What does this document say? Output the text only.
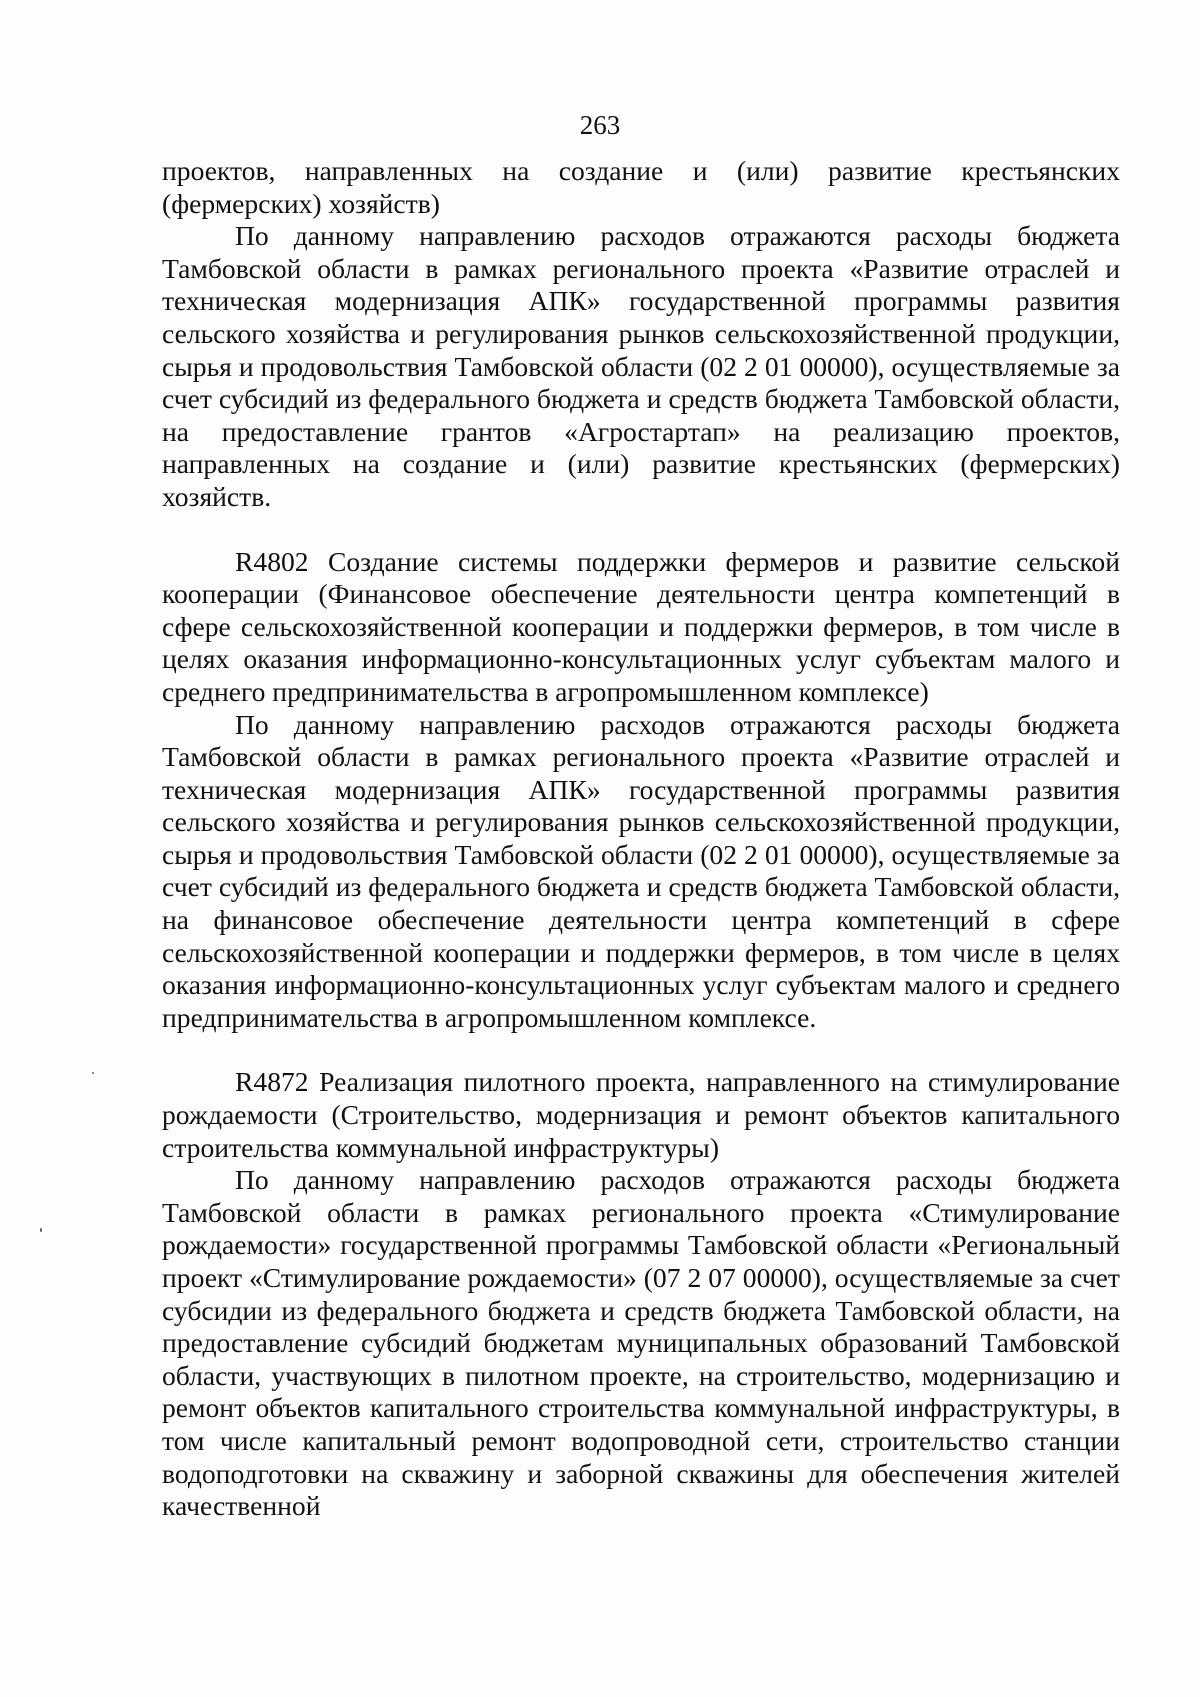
263

проектов, направленных на создание и (или) развитие крестьянских (фермерских) хозяйств)

По данному направлению расходов отражаются расходы бюджета Тамбовской области в рамках регионального проекта «Развитие отраслей и техническая модернизация АПК» государственной программы развития сельского хозяйства и регулирования рынков сельскохозяйственной продукции, сырья и продовольствия Тамбовской области (02 2 01 00000), осуществляемые за счет субсидий из федерального бюджета и средств бюджета Тамбовской области, на предоставление грантов «Агростартап» на реализацию проектов, направленных на создание и (или) развитие крестьянских (фермерских) хозяйств.

R4802 Создание системы поддержки фермеров и развитие сельской кооперации (Финансовое обеспечение деятельности центра компетенций в сфере сельскохозяйственной кооперации и поддержки фермеров, в том числе в целях оказания информационно-консультационных услуг субъектам малого и среднего предпринимательства в агропромышленном комплексе)

По данному направлению расходов отражаются расходы бюджета Тамбовской области в рамках регионального проекта «Развитие отраслей и техническая модернизация АПК» государственной программы развития сельского хозяйства и регулирования рынков сельскохозяйственной продукции, сырья и продовольствия Тамбовской области (02 2 01 00000), осуществляемые за счет субсидий из федерального бюджета и средств бюджета Тамбовской области, на финансовое обеспечение деятельности центра компетенций в сфере сельскохозяйственной кооперации и поддержки фермеров, в том числе в целях оказания информационно-консультационных услуг субъектам малого и среднего предпринимательства в агропромышленном комплексе.

R4872 Реализация пилотного проекта, направленного на стимулирование рождаемости (Строительство, модернизация и ремонт объектов капитального строительства коммунальной инфраструктуры)

По данному направлению расходов отражаются расходы бюджета Тамбовской области в рамках регионального проекта «Стимулирование рождаемости» государственной программы Тамбовской области «Региональный проект «Стимулирование рождаемости» (07 2 07 00000), осуществляемые за счет субсидии из федерального бюджета и средств бюджета Тамбовской области, на предоставление субсидий бюджетам муниципальных образований Тамбовской области, участвующих в пилотном проекте, на строительство, модернизацию и ремонт объектов капитального строительства коммунальной инфраструктуры, в том числе капитальный ремонт водопроводной сети, строительство станции водоподготовки на скважину и заборной скважины для обеспечения жителей качественной
